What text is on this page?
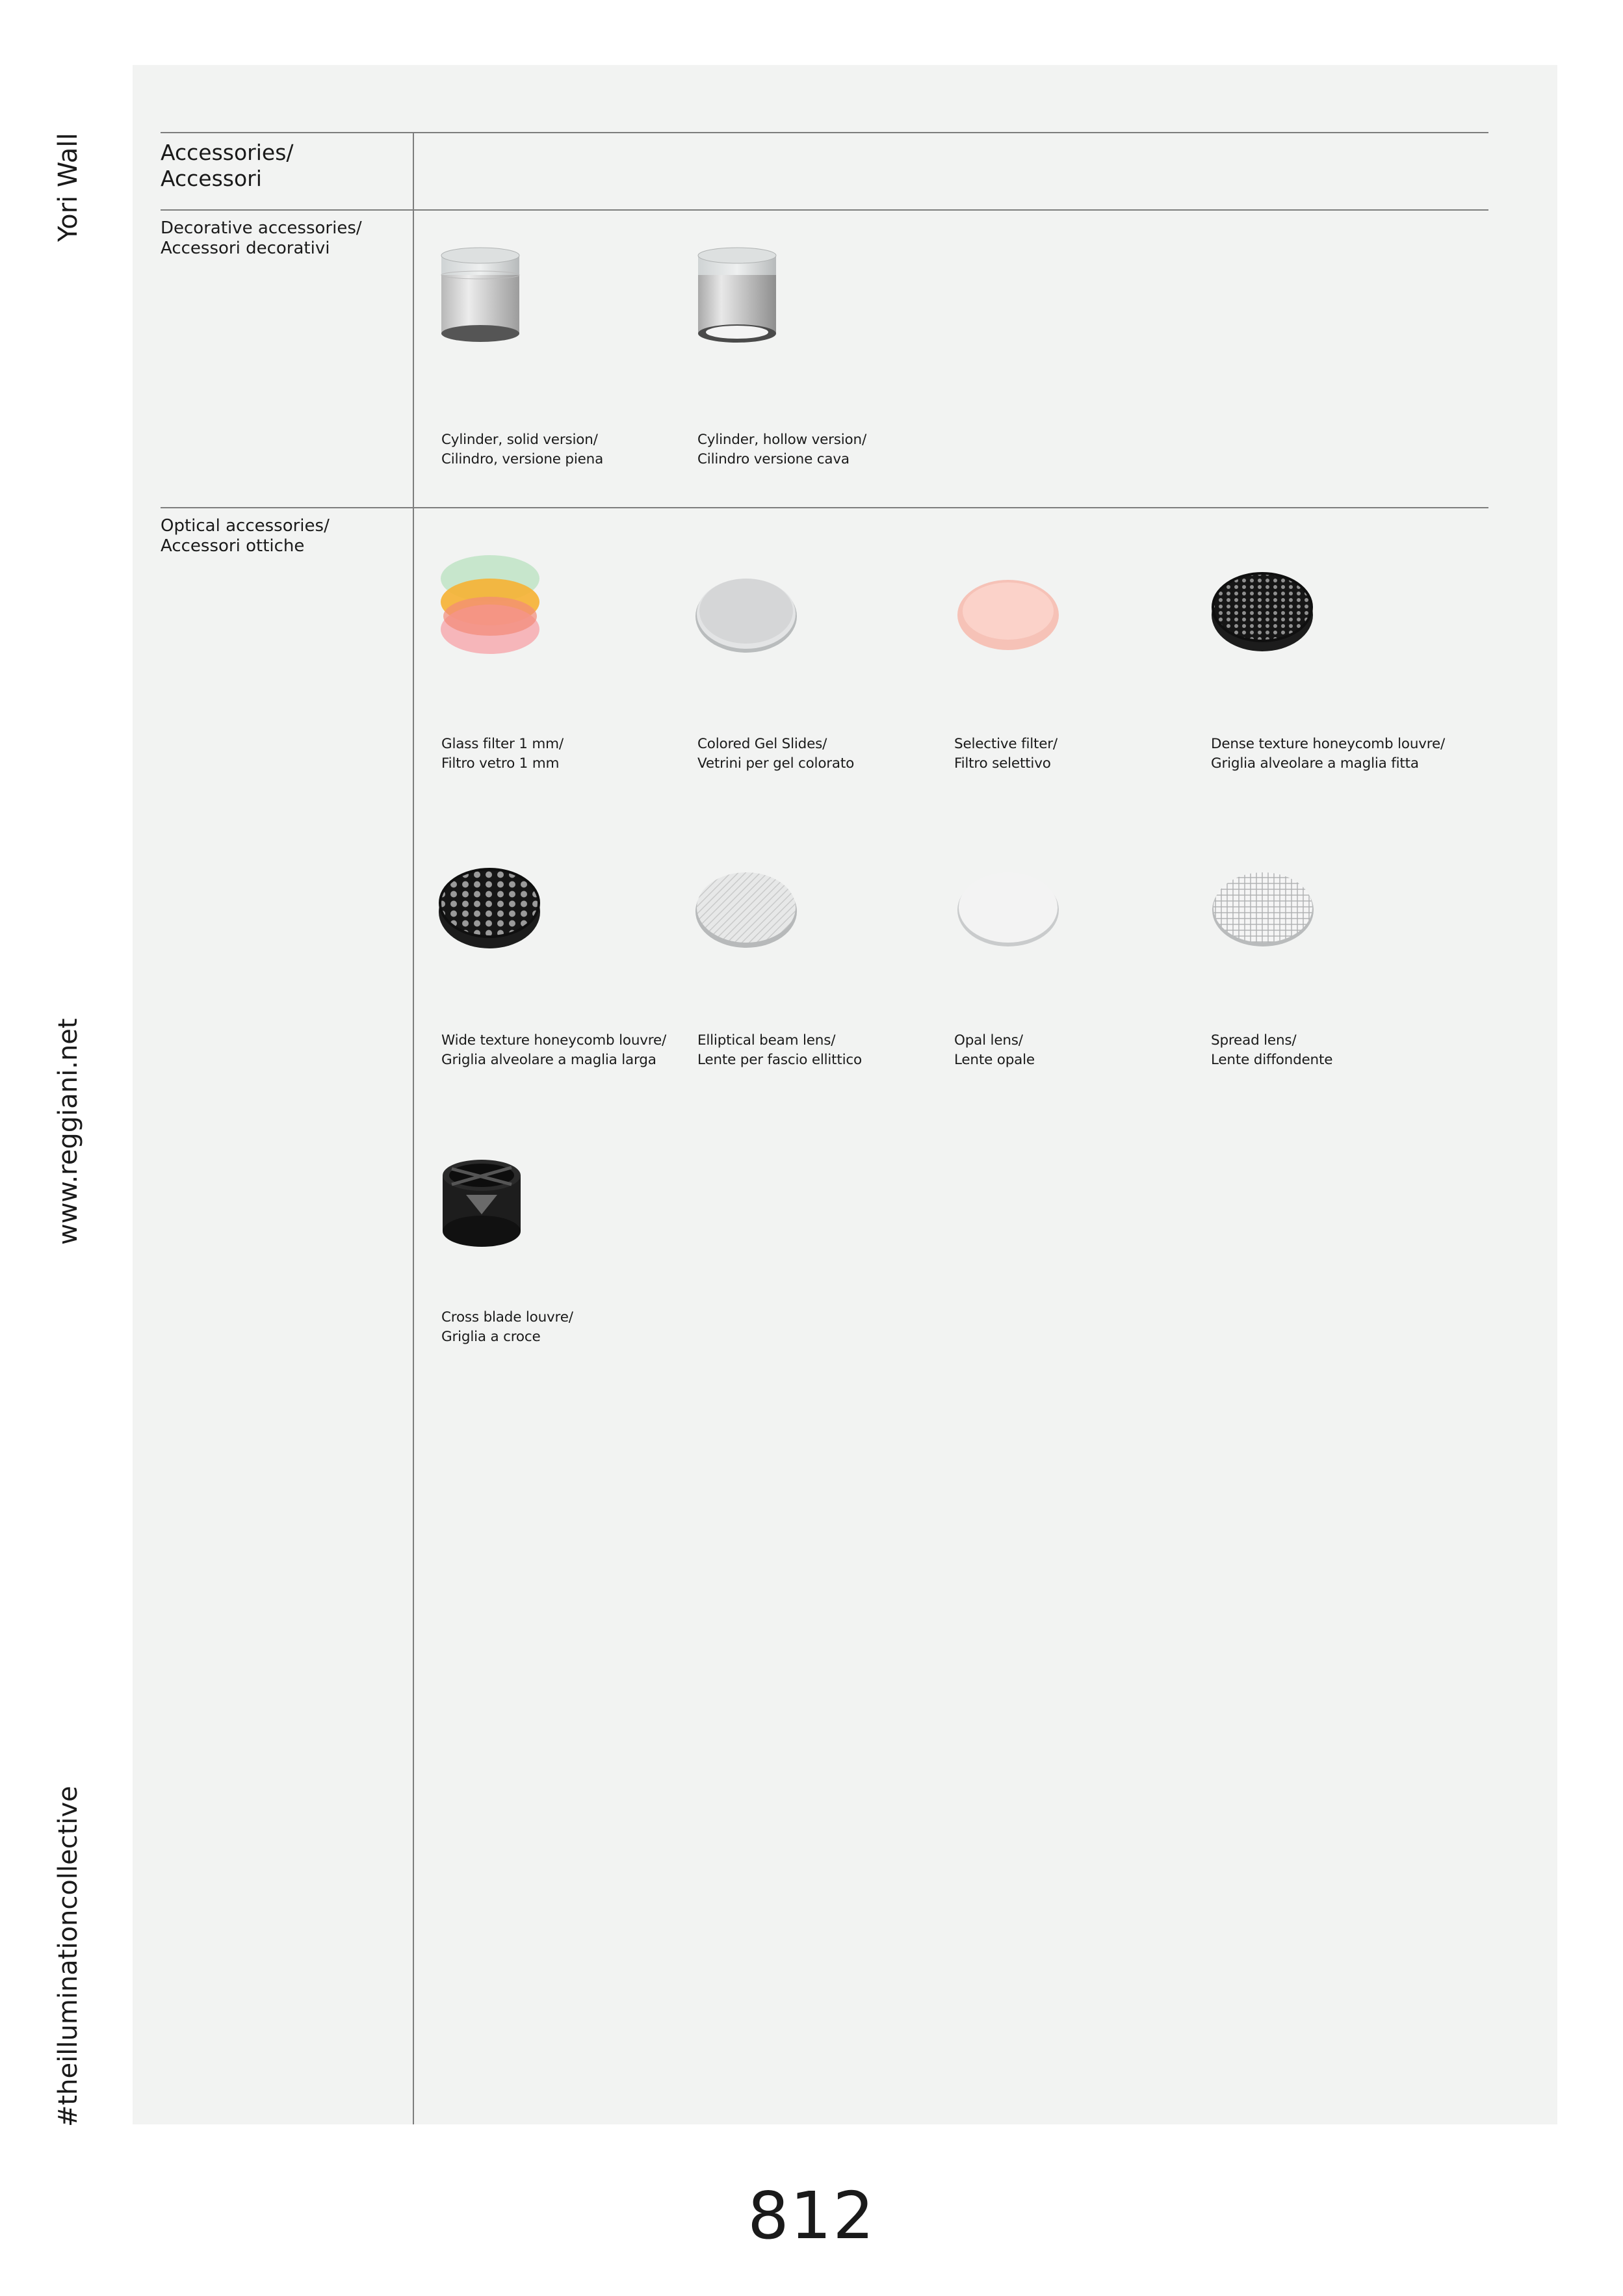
Yori Wall
www.reggiani.net
#theilluminationcollective
Accessories/
Accessori
Decorative accessories/
Accessori decorativi
Optical accessories/
Accessori ottiche
Cylinder, solid version/
Cilindro, versione piena
Cylinder, hollow version/
Cilindro versione cava
Glass filter 1 mm/
Filtro vetro 1 mm
Colored Gel Slides/
Vetrini per gel colorato
Selective filter/
Filtro selettivo
Dense texture honeycomb louvre/
Griglia alveolare a maglia fitta
Wide texture honeycomb louvre/
Griglia alveolare a maglia larga
Elliptical beam lens/
Lente per fascio ellittico
Opal lens/
Lente opale
Spread lens/
Lente diffondente
Cross blade louvre/
Griglia a croce
812
